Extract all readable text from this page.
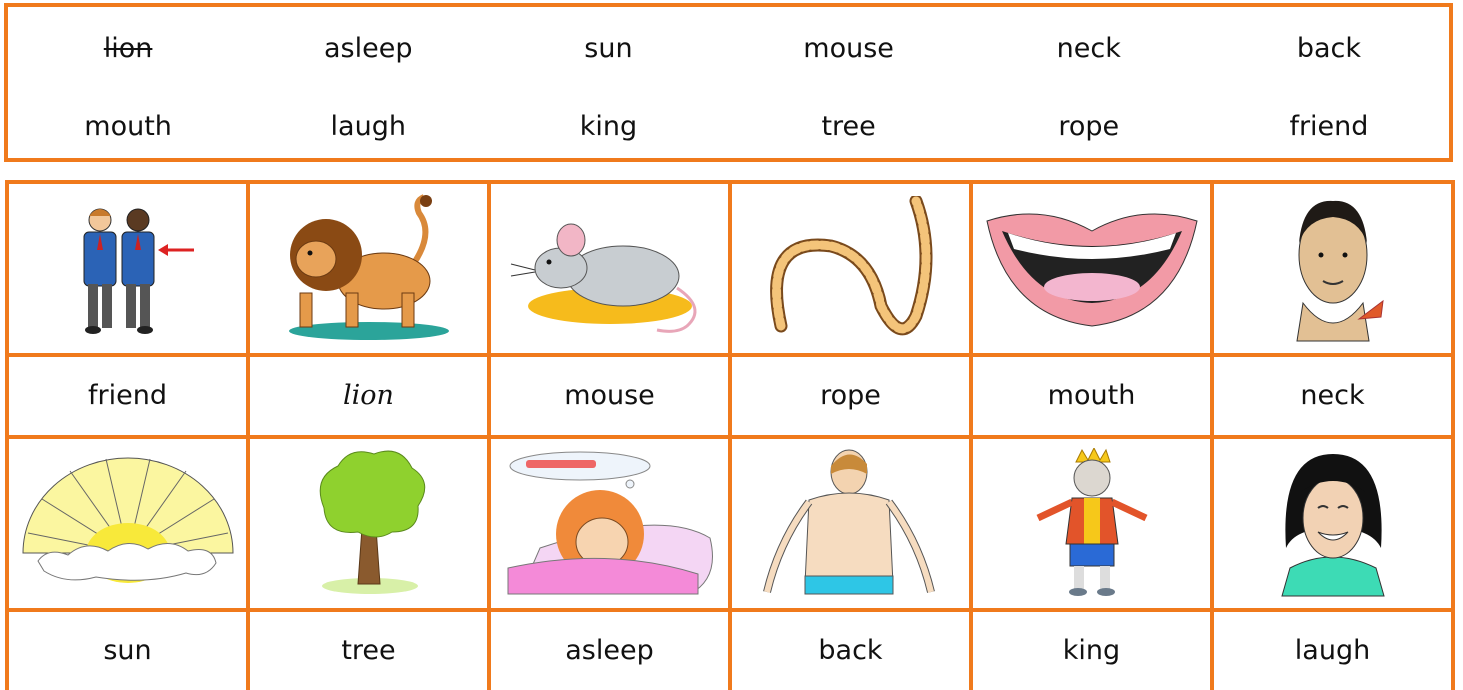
lion	asleep	sun	mouse	neck	back
mouth	laugh	king	tree	rope	friend

friend	lion	mouse	rope	mouth	neck

sun	tree	asleep	back	king	laugh
